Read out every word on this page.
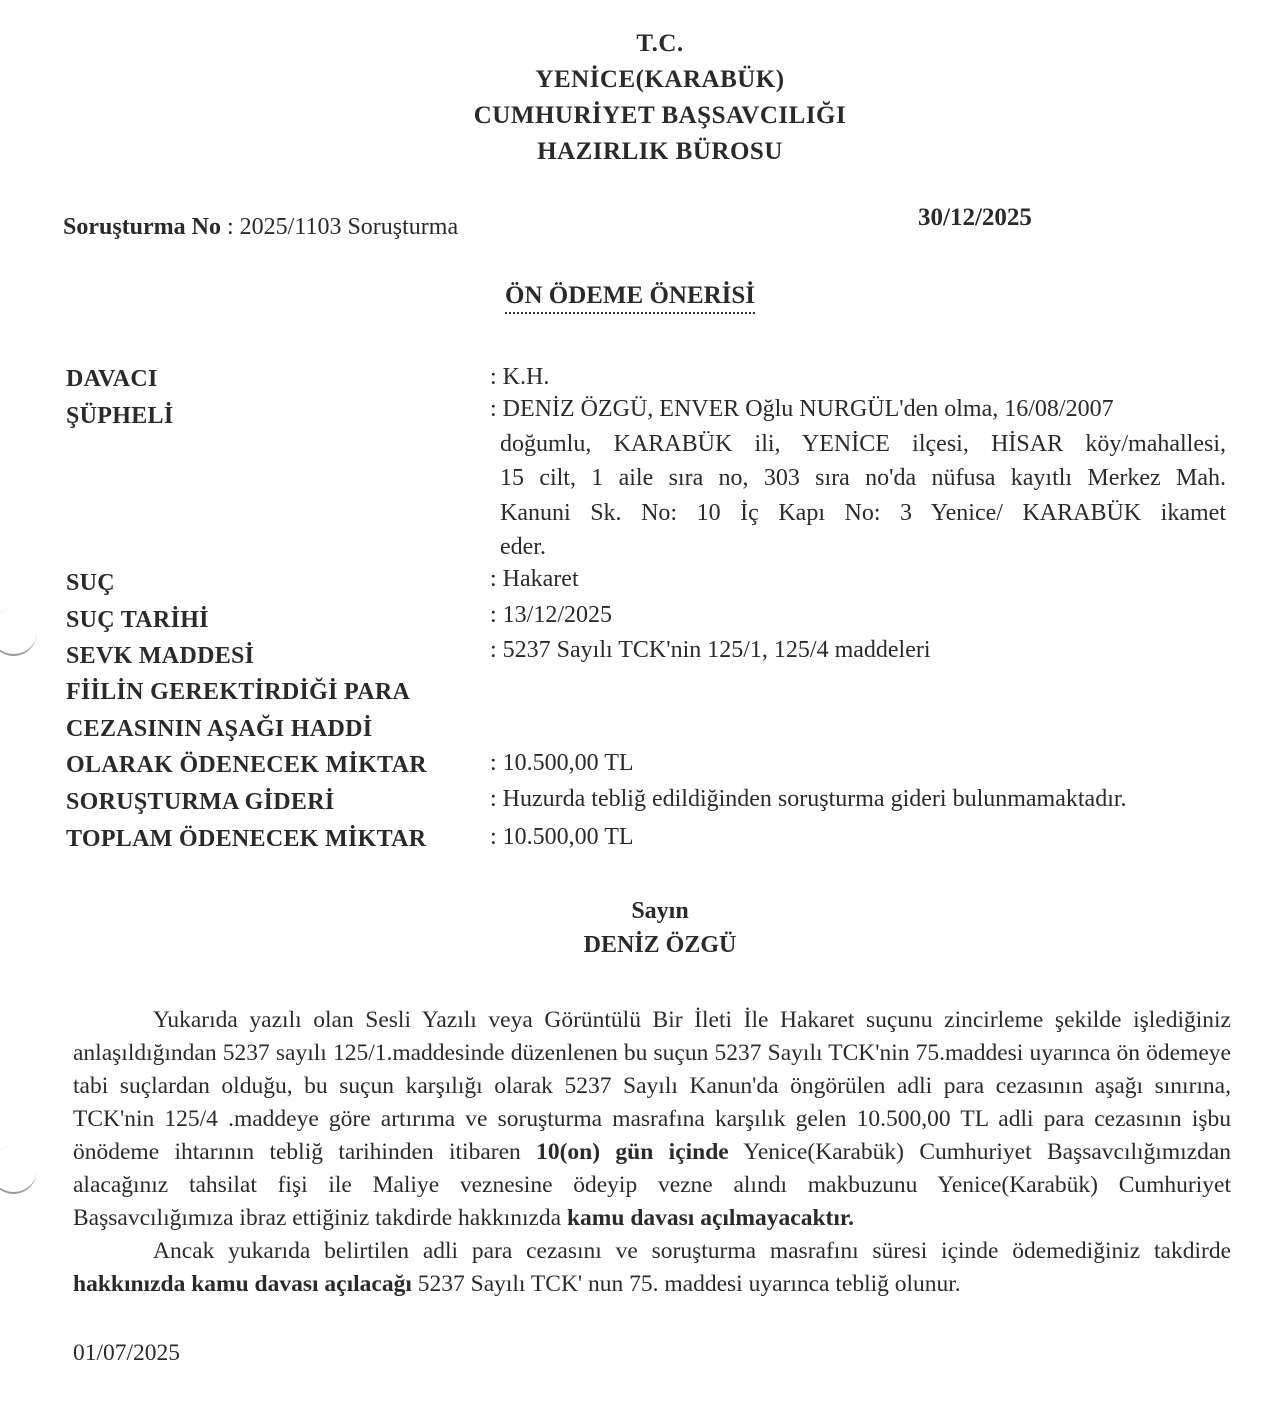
T.C.
YENİCE(KARABÜK)
CUMHURİYET BAŞSAVCILIĞI
HAZIRLIK BÜROSU
Soruşturma No : 2025/1103 Soruşturma	30/12/2025
ÖN ÖDEME ÖNERİSİ
DAVACI	: K.H.
ŞÜPHELİ	: DENİZ ÖZGÜ, ENVER Oğlu NURGÜL'den olma, 16/08/2007
doğumlu, KARABÜK ili, YENİCE ilçesi, HİSAR köy/mahallesi,
15 cilt, 1 aile sıra no, 303 sıra no'da nüfusa kayıtlı Merkez Mah.
Kanuni Sk. No: 10 İç Kapı No: 3 Yenice/ KARABÜK ikamet
eder.
SUÇ	: Hakaret
SUÇ TARİHİ	: 13/12/2025
SEVK MADDESİ	: 5237 Sayılı TCK'nin 125/1, 125/4 maddeleri
FİİLİN GEREKTİRDİĞİ PARA
CEZASININ AŞAĞI HADDİ
OLARAK ÖDENECEK MİKTAR	: 10.500,00 TL
SORUŞTURMA GİDERİ	: Huzurda tebliğ edildiğinden soruşturma gideri bulunmamaktadır.
TOPLAM ÖDENECEK MİKTAR	: 10.500,00 TL
Sayın
DENİZ ÖZGÜ

Yukarıda yazılı olan Sesli Yazılı veya Görüntülü Bir İleti İle Hakaret suçunu zincirleme şekilde işlediğiniz anlaşıldığından 5237 sayılı 125/1.maddesinde düzenlenen bu suçun 5237 Sayılı TCK'nin 75.maddesi uyarınca ön ödemeye tabi suçlardan olduğu, bu suçun karşılığı olarak 5237 Sayılı Kanun'da öngörülen adli para cezasının aşağı sınırına, TCK'nin 125/4 .maddeye göre artırıma ve soruşturma masrafına karşılık gelen 10.500,00 TL adli para cezasının işbu önödeme ihtarının tebliğ tarihinden itibaren 10(on) gün içinde Yenice(Karabük) Cumhuriyet Başsavcılığımızdan alacağınız tahsilat fişi ile Maliye veznesine ödeyip vezne alındı makbuzunu Yenice(Karabük) Cumhuriyet Başsavcılığımıza ibraz ettiğiniz takdirde hakkınızda kamu davası açılmayacaktır.

Ancak yukarıda belirtilen adli para cezasını ve soruşturma masrafını süresi içinde ödemediğiniz takdirde hakkınızda kamu davası açılacağı 5237 Sayılı TCK' nun 75. maddesi uyarınca tebliğ olunur.

01/07/2025
